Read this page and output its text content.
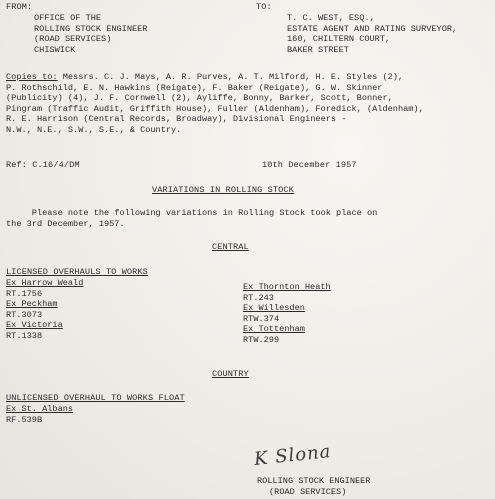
FROM:
OFFICE OF THE
ROLLING STOCK ENGINEER
(ROAD SERVICES)
CHISWICK
TO:
T. C. WEST, ESQ.,
ESTATE AGENT AND RATING SURVEYOR,
160, CHILTERN COURT,
BAKER STREET
Copies to: Messrs. C. J. Mays, A. R. Purves, A. T. Milford, H. E. Styles (2),
P. Rothschild, E. N. Hawkins (Reigate), F. Baker (Reigate), G. W. Skinner
(Publicity) (4), J. F. Cornwell (2), Ayliffe, Bonny, Barker, Scott, Bonner,
Pingram (Traffic Audit, Griffith House), Fuller (Aldenham), Foredick, (Aldenham),
R. E. Harrison (Central Records, Broadway), Divisional Engineers -
N.W., N.E., S.W., S.E., & Country.
Ref: C.16/4/DM	10th December 1957
VARIATIONS IN ROLLING STOCK
Please note the following variations in Rolling Stock took place on
the 3rd December, 1957.
CENTRAL
LICENSED OVERHAULS TO WORKS
Ex Harrow Weald
RT.1756
Ex Peckham
RT.3073
Ex Victoria
RT.1338
Ex Thornton Heath
RT.243
Ex Willesden
RTW.374
Ex Tottenham
RTW.299
COUNTRY
UNLICENSED OVERHAUL TO WORKS FLOAT
Ex St. Albans
RF.539B
K Slona
ROLLING STOCK ENGINEER
(ROAD SERVICES)
